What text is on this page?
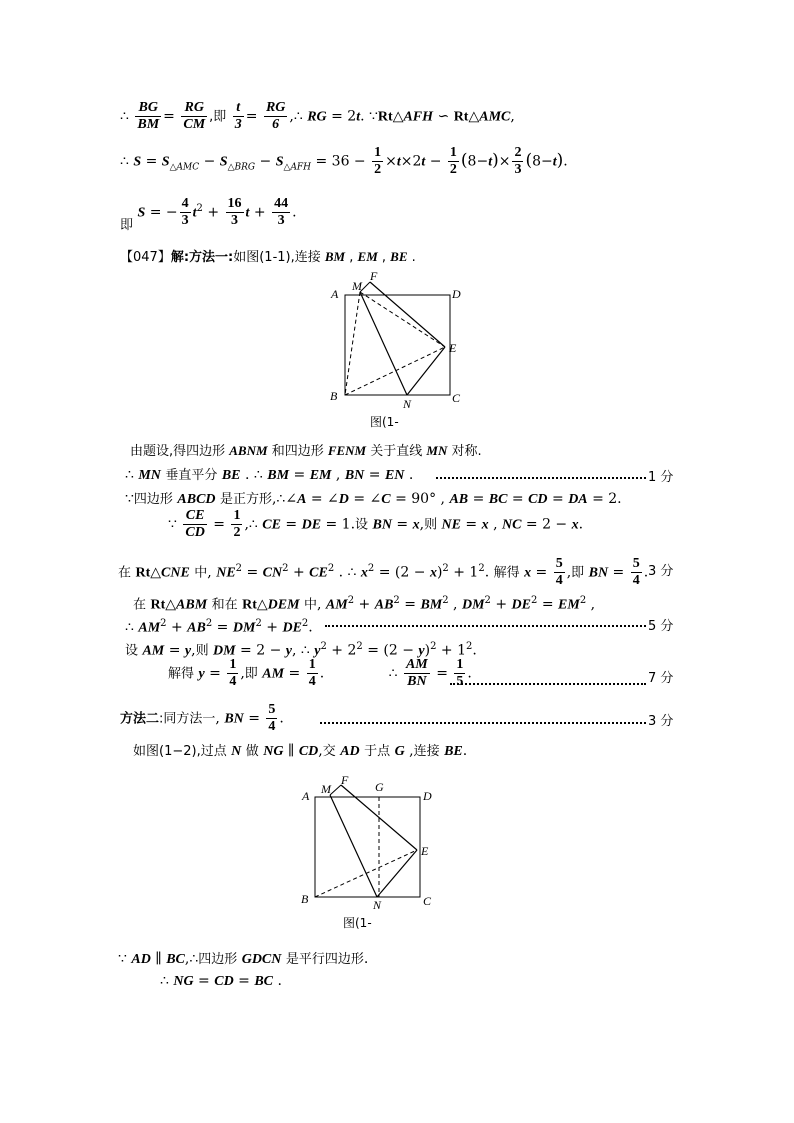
∴ $\frac{BG}{BM} = \frac{RG}{CM}$ ,即 $\frac{t}{3} = \frac{RG}{6}$ ,∴ RG = 2t. ∵Rt△AFH ∽ Rt△AMC,
∴ $S = S_{\triangle AMC} - S_{\triangle BRG} - S_{\triangle AFH} = 36 - \frac{1}{2} \times t\times 2t - \frac{1}{2} (8-t)\times \frac{2}{3} (8-t)$.
即 S = − $\frac{4}{3} t^2 + \frac{16}{3}$ $t + \frac{44}{3}$ .
【047】解:方法一:如图(1-1),连接 BM , EM , BE .
A
F
M
D
E
B
N	C
图(1-
由题设,得四边形 ABNM 和四边形 FENM 关于直线 MN 对称.
∴ MN 垂直平分 BE . ∴ BM = EM , BN = EN .	1 分
∵四边形 ABCD 是正方形,∴∠A = ∠D = ∠C = 90° , AB = BC = CD = DA = 2.
∵ $\frac{CE}{CD} = \frac{1}{2}$ ,∴ CE = DE = 1.设 BN = x,则 NE = x , NC = 2 − x.
在 Rt△CNE 中, $NE^2 = CN^2 + CE^2$ . ∴ $x^2 = (2 - x)^2 + 1^2$. 解得 $x = \frac{5}{4}$ ,即 BN = $\frac{5}{4}$ . 3 分
在 Rt△ABM 和在 Rt△DEM 中, $AM^2 + AB^2 = BM^2$ , $DM^2 + DE^2 = EM^2$ ,
∴ $AM^2 + AB^2 = DM^2 + DE^2$.	5 分
设 AM = y,则 DM = 2 − y, ∴ $y^2 + 2^2 = (2 - y)^2 + 1^2$.
解得 $y = \frac{1}{4}$ ,即 AM = $\frac{1}{4}$ .	∴ $\frac{AM}{BN} = \frac{1}{5}$ .	7 分
方法二:同方法一, BN = $\frac{5}{4}$ .	3 分
如图(1−2),过点 N 做 NG ∥ CD,交 AD 于点 G ,连接 BE.
A
F
M	G
D
E
B	N	C
图(1-
∵ AD ∥ BC,∴四边形 GDCN 是平行四边形.
∴ NG = CD = BC .
